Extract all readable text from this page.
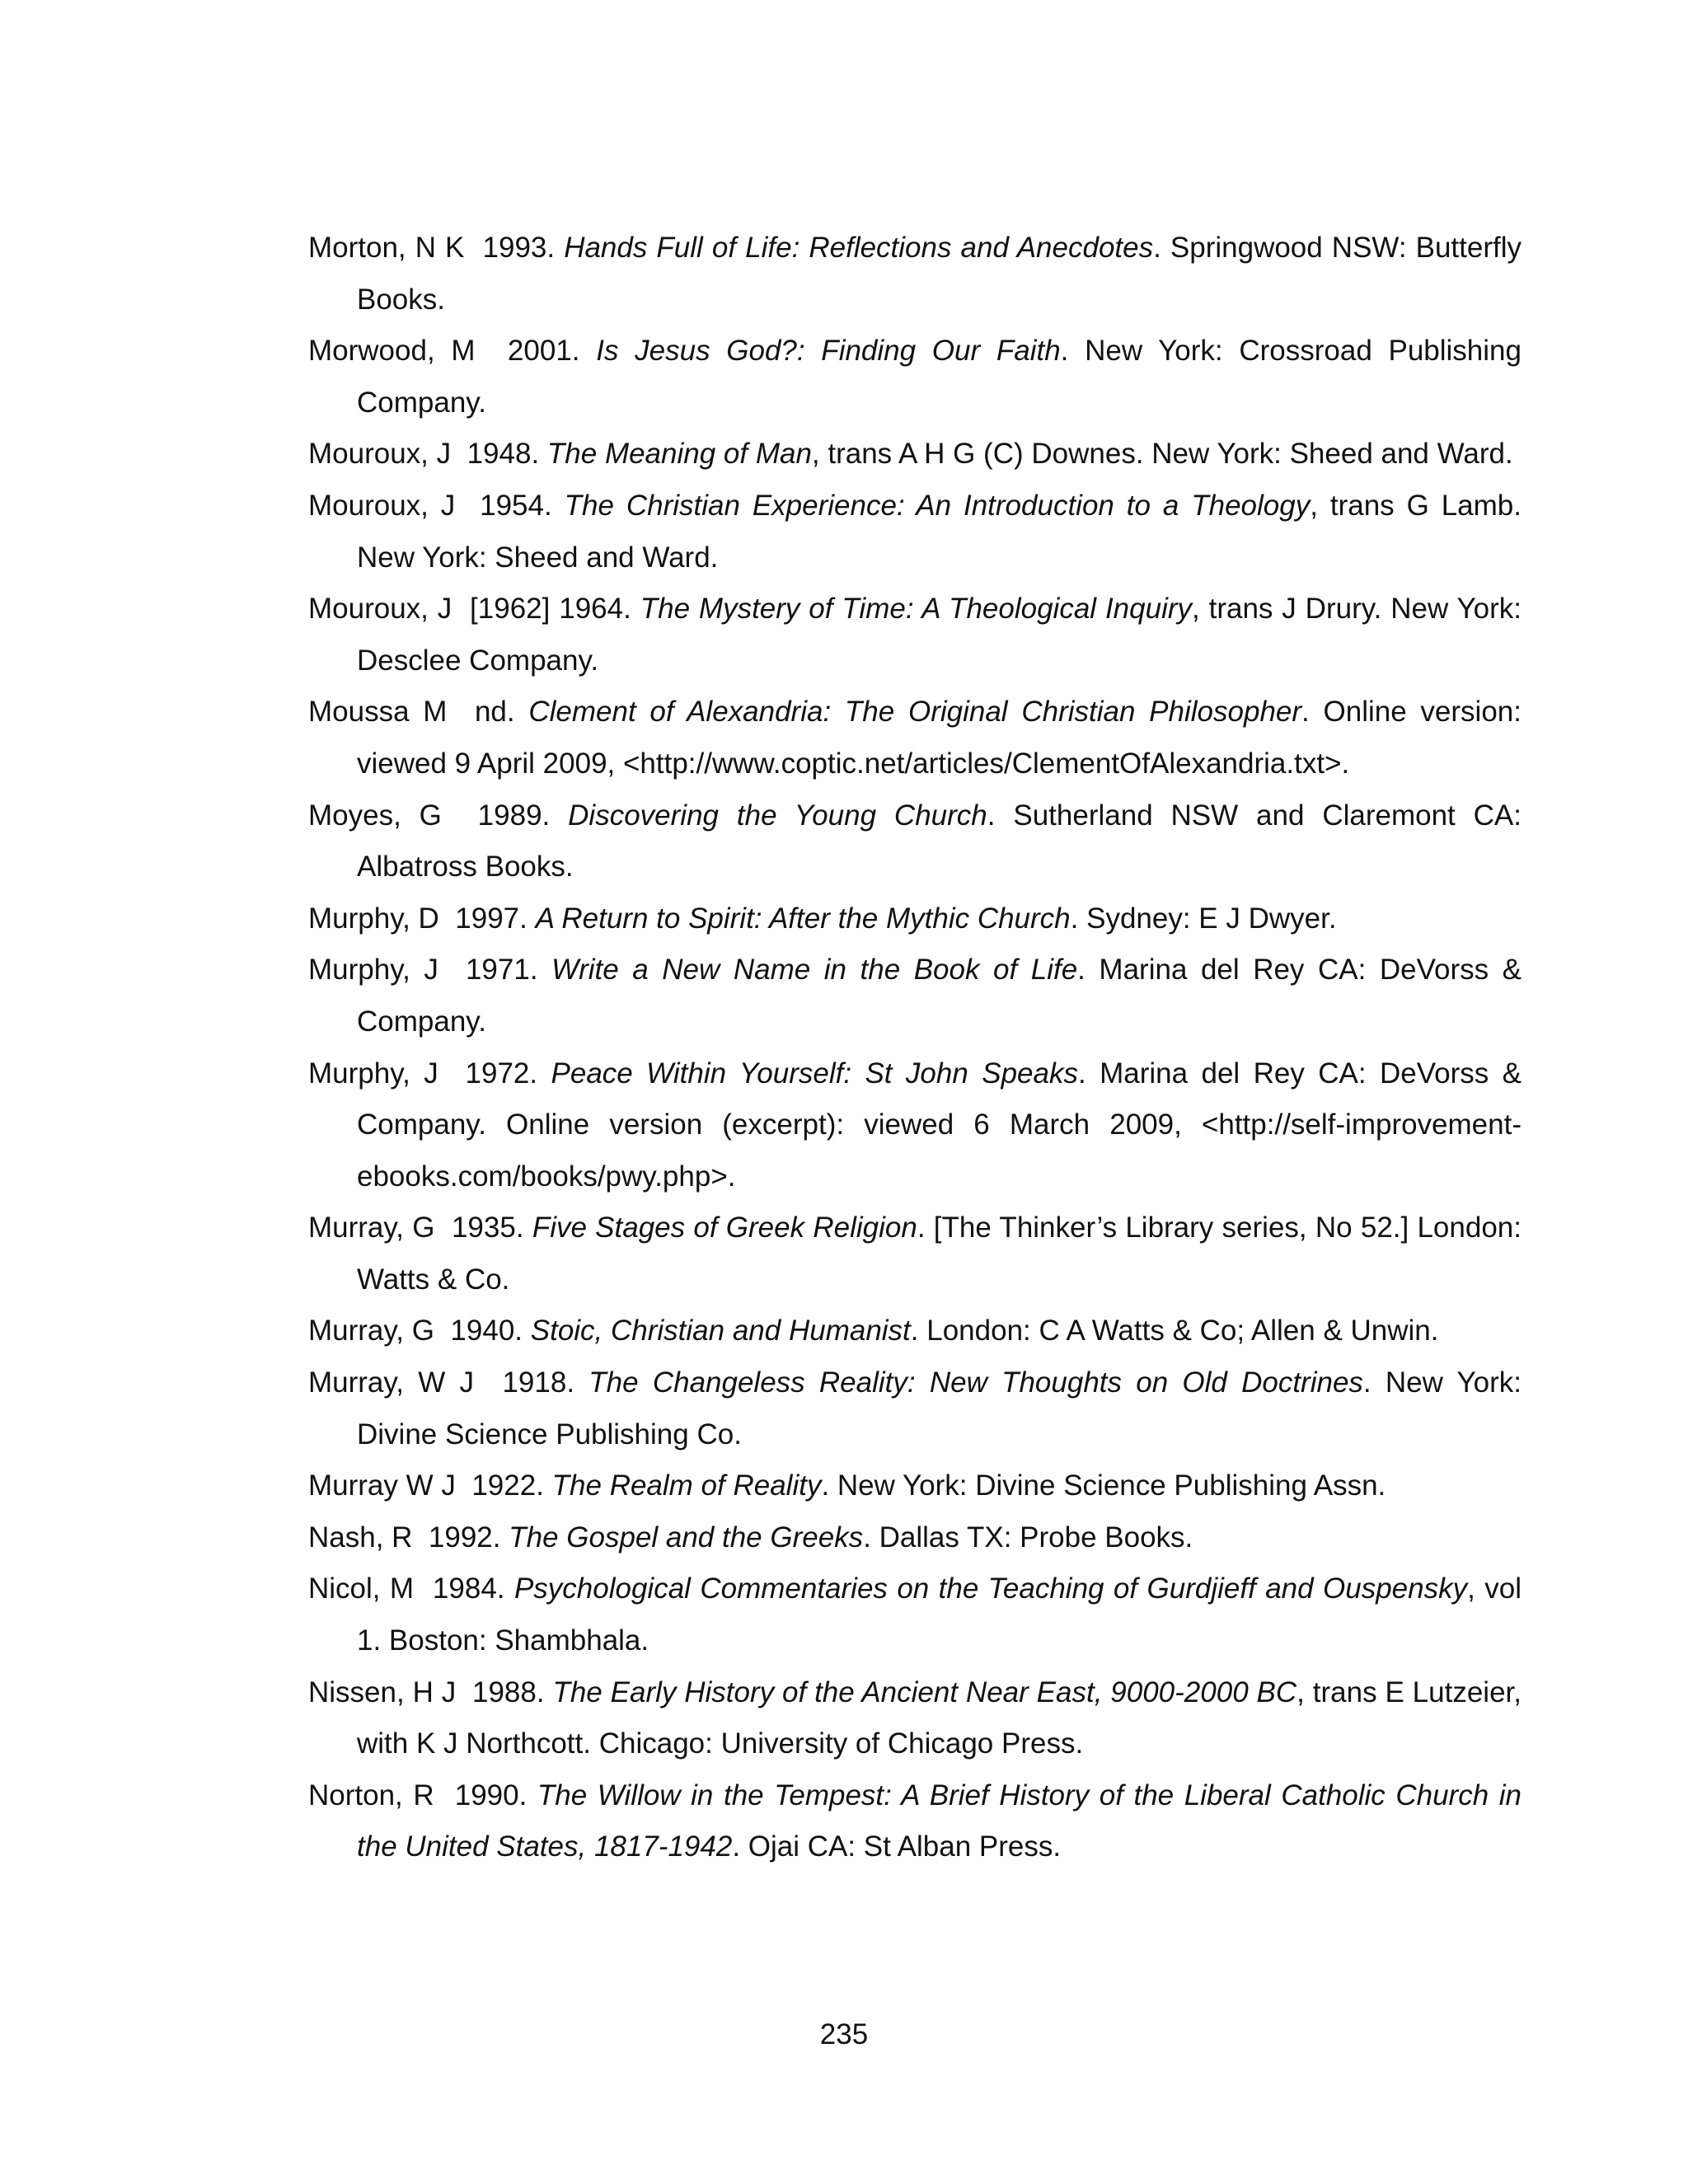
Morton, N K  1993. Hands Full of Life: Reflections and Anecdotes. Springwood NSW: Butterfly Books.

Morwood, M  2001. Is Jesus God?: Finding Our Faith. New York: Crossroad Publishing Company.

Mouroux, J  1948. The Meaning of Man, trans A H G (C) Downes. New York: Sheed and Ward.

Mouroux, J  1954. The Christian Experience: An Introduction to a Theology, trans G Lamb. New York: Sheed and Ward.

Mouroux, J  [1962] 1964. The Mystery of Time: A Theological Inquiry, trans J Drury. New York: Desclee Company.

Moussa M  nd. Clement of Alexandria: The Original Christian Philosopher. Online version: viewed 9 April 2009, <http://www.coptic.net/articles/ClementOfAlexandria.txt>.

Moyes, G  1989. Discovering the Young Church. Sutherland NSW and Claremont CA: Albatross Books.

Murphy, D  1997. A Return to Spirit: After the Mythic Church. Sydney: E J Dwyer.

Murphy, J  1971. Write a New Name in the Book of Life. Marina del Rey CA: DeVorss & Company.

Murphy, J  1972. Peace Within Yourself: St John Speaks. Marina del Rey CA: DeVorss & Company. Online version (excerpt): viewed 6 March 2009, <http://self-improvement-ebooks.com/books/pwy.php>.

Murray, G  1935. Five Stages of Greek Religion. [The Thinker’s Library series, No 52.] London: Watts & Co.

Murray, G  1940. Stoic, Christian and Humanist. London: C A Watts & Co; Allen & Unwin.

Murray, W J  1918. The Changeless Reality: New Thoughts on Old Doctrines. New York: Divine Science Publishing Co.

Murray W J  1922. The Realm of Reality. New York: Divine Science Publishing Assn.

Nash, R  1992. The Gospel and the Greeks. Dallas TX: Probe Books.

Nicol, M  1984. Psychological Commentaries on the Teaching of Gurdjieff and Ouspensky, vol 1. Boston: Shambhala.

Nissen, H J  1988. The Early History of the Ancient Near East, 9000-2000 BC, trans E Lutzeier, with K J Northcott. Chicago: University of Chicago Press.

Norton, R  1990. The Willow in the Tempest: A Brief History of the Liberal Catholic Church in the United States, 1817-1942. Ojai CA: St Alban Press.

235
